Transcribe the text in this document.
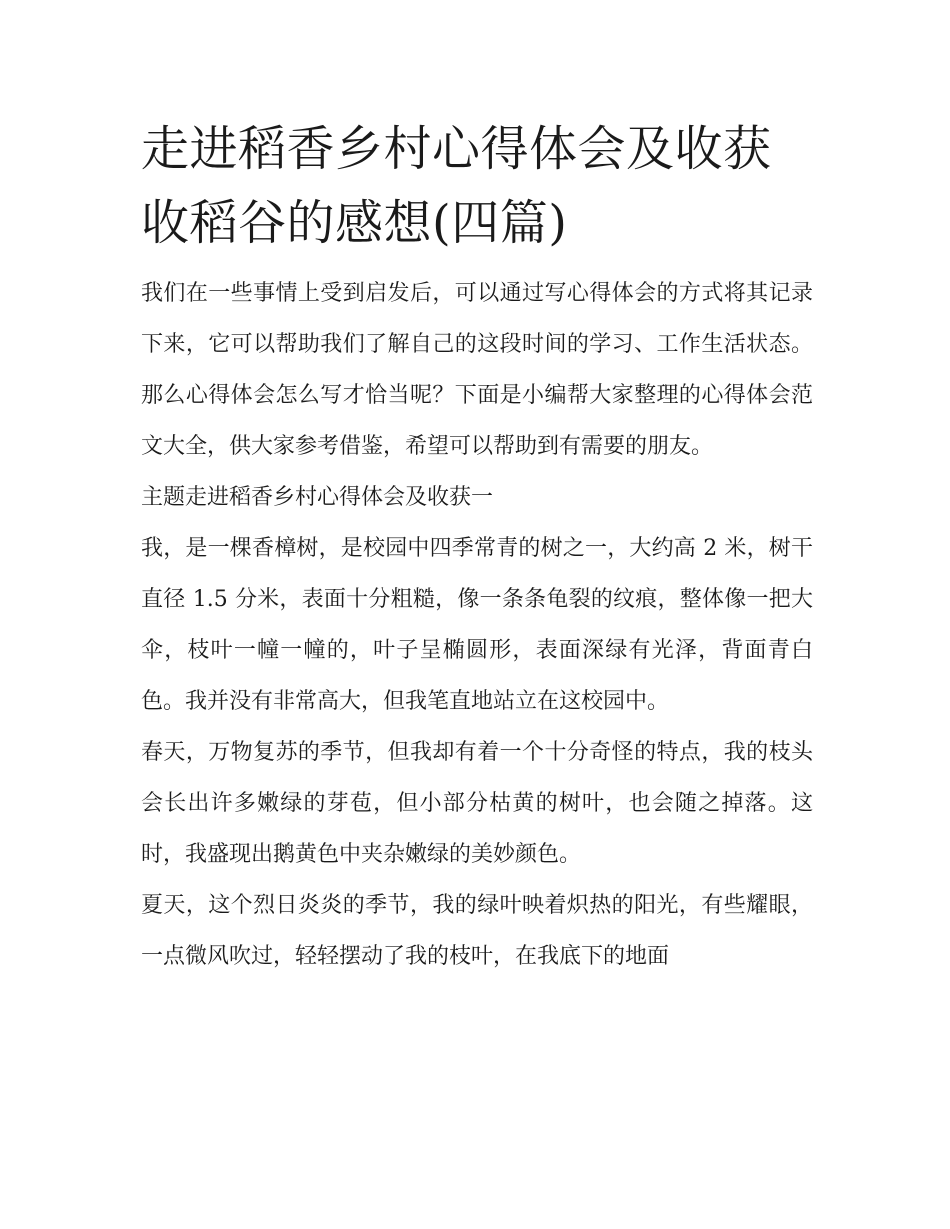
走进稻香乡村心得体会及收获收稻谷的感想(四篇)

我们在一些事情上受到启发后，可以通过写心得体会的方式将其记录下来，它可以帮助我们了解自己的这段时间的学习、工作生活状态。那么心得体会怎么写才恰当呢？下面是小编帮大家整理的心得体会范文大全，供大家参考借鉴，希望可以帮助到有需要的朋友。

主题走进稻香乡村心得体会及收获一

我，是一棵香樟树，是校园中四季常青的树之一，大约高 2 米，树干直径 1.5 分米，表面十分粗糙，像一条条龟裂的纹痕，整体像一把大伞，枝叶一幢一幢的，叶子呈椭圆形，表面深绿有光泽，背面青白色。我并没有非常高大，但我笔直地站立在这校园中。

春天，万物复苏的季节，但我却有着一个十分奇怪的特点，我的枝头会长出许多嫩绿的芽苞，但小部分枯黄的树叶，也会随之掉落。这时，我盛现出鹅黄色中夹杂嫩绿的美妙颜色。

夏天，这个烈日炎炎的季节，我的绿叶映着炽热的阳光，有些耀眼，一点微风吹过，轻轻摆动了我的枝叶，在我底下的地面
